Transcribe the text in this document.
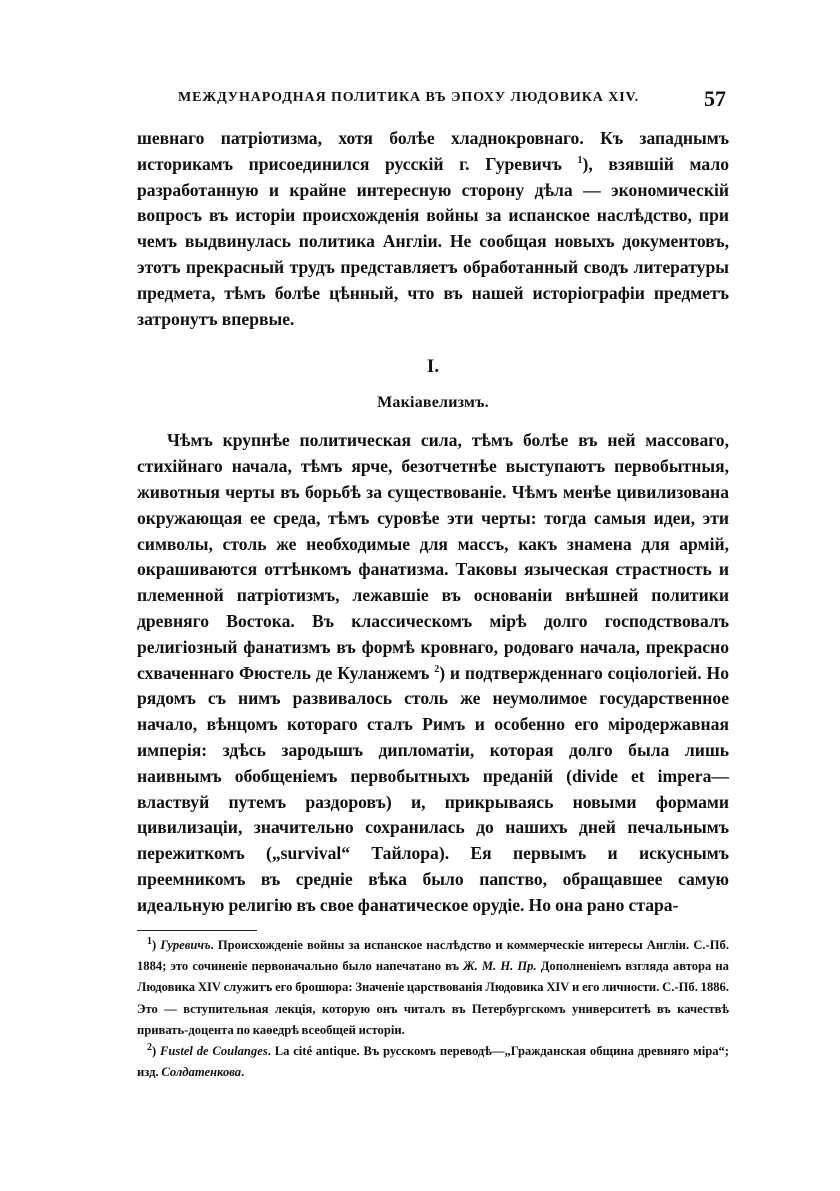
МЕЖДУНАРОДНАЯ ПОЛИТИКА ВЪ ЭПОХУ ЛЮДОВИКА XIV.	57

шевнаго патріотизма, хотя болѣе хладнокровнаго. Къ западнымъ историкамъ присоединился русскій г. Гуревичъ $^1$), взявшій мало разработанную и крайне интересную сторону дѣла — экономическій вопросъ въ исторіи происхожденія войны за испанское наслѣдство, при чемъ выдвинулась политика Англіи. Не сообщая новыхъ документовъ, этотъ прекрасный трудъ представляетъ обработанный сводъ литературы предмета, тѣмъ болѣе цѣнный, что въ нашей исторіографіи предметъ затронутъ впервые.

I.
Макіавелизмъ.

Чѣмъ крупнѣе политическая сила, тѣмъ болѣе въ ней массоваго, стихійнаго начала, тѣмъ ярче, безотчетнѣе выступаютъ первобытныя, животныя черты въ борьбѣ за существованіе. Чѣмъ менѣе цивилизована окружающая ее среда, тѣмъ суровѣе эти черты: тогда самыя идеи, эти символы, столь же необходимые для массъ, какъ знамена для армій, окрашиваются оттѣнкомъ фанатизма. Таковы языческая страстность и племенной патріотизмъ, лежавшіе въ основаніи внѣшней политики древняго Востока. Въ классическомъ мірѣ долго господствовалъ религіозный фанатизмъ въ формѣ кровнаго, родоваго начала, прекрасно схваченнаго Фюстель де Куланжемъ $^2$) и подтвержденнаго соціологіей. Но рядомъ съ нимъ развивалось столь же неумолимое государственное начало, вѣнцомъ котораго сталъ Римъ и особенно его міродержавная имперія: здѣсь зародышъ дипломатіи, которая долго была лишь наивнымъ обобщеніемъ первобытныхъ преданій (divide et impera—властвуй путемъ раздоровъ) и, прикрываясь новыми формами цивилизаціи, значительно сохранилась до нашихъ дней печальнымъ пережиткомъ („survival“ Тайлора). Ея первымъ и искуснымъ преемникомъ въ средніе вѣка было папство, обращавшее самую идеальную религію въ свое фанатическое орудіе. Но она рано стара-

$^1$) Гуревичъ. Происхожденіе войны за испанское наслѣдство и коммерческіе интересы Англіи. С.-Пб. 1884; это сочиненіе первоначально было напечатано въ Ж. М. Н. Пр. Дополненіемъ взгляда автора на Людовика XIV служитъ его брошюра: Значеніе царствованія Людовика XIV и его личности. С.-Пб. 1886. Это — вступительная лекція, которую онъ читалъ въ Петербургскомъ университетѣ въ качествѣ привать-доцента по каѳедрѣ всеобщей исторіи.

$^2$) Fustel de Coulanges. La cité antique. Въ русскомъ переводѣ—„Гражданская община древняго міра“; изд. Солдатенкова.
